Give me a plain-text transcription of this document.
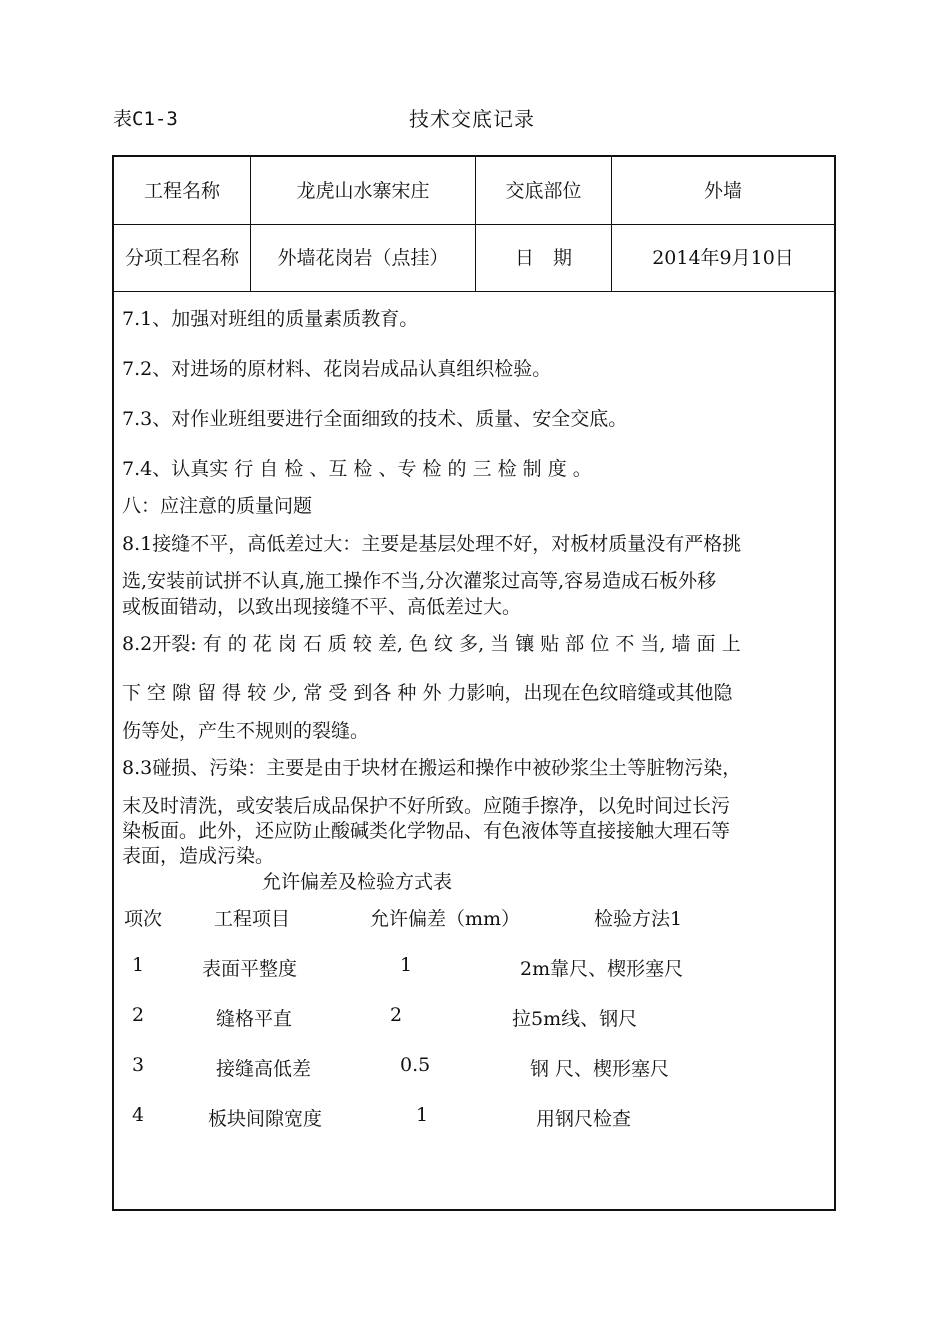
表C1-3	技术交底记录
工程名称	龙虎山水寨宋庄	交底部位	外墙
分项工程名称	外墙花岗岩（点挂）	日　期	2014年9月10日
7.1、加强对班组的质量素质教育。
7.2、对进场的原材料、花岗岩成品认真组织检验。
7.3、对作业班组要进行全面细致的技术、质量、安全交底。
7.4、认真实 行 自 检 、互 检 、专 检 的 三 检 制 度 。
八：应注意的质量问题
8.1接缝不平，高低差过大：主要是基层处理不好，对板材质量没有严格挑
选,安装前试拼不认真,施工操作不当,分次灌浆过高等,容易造成石板外移
或板面错动，以致出现接缝不平、高低差过大。
8.2开裂: 有 的 花 岗 石 质 较 差, 色 纹 多, 当 镶 贴 部 位 不 当, 墙 面 上
下 空 隙 留 得 较 少, 常 受 到各 种 外 力影响，出现在色纹暗缝或其他隐
伤等处，产生不规则的裂缝。
8.3碰损、污染：主要是由于块材在搬运和操作中被砂浆尘土等脏物污染，
末及时清洗，或安装后成品保护不好所致。应随手擦净，以免时间过长污
染板面。此外，还应防止酸碱类化学物品、有色液体等直接接触大理石等
表面，造成污染。
允许偏差及检验方式表
项次	工程项目	允许偏差（mm）	检验方法1
1	表面平整度	1	2m靠尺、楔形塞尺
2	缝格平直	2	拉5m线、钢尺
3	接缝高低差	0.5	钢 尺、楔形塞尺
4	板块间隙宽度	1	用钢尺检查
